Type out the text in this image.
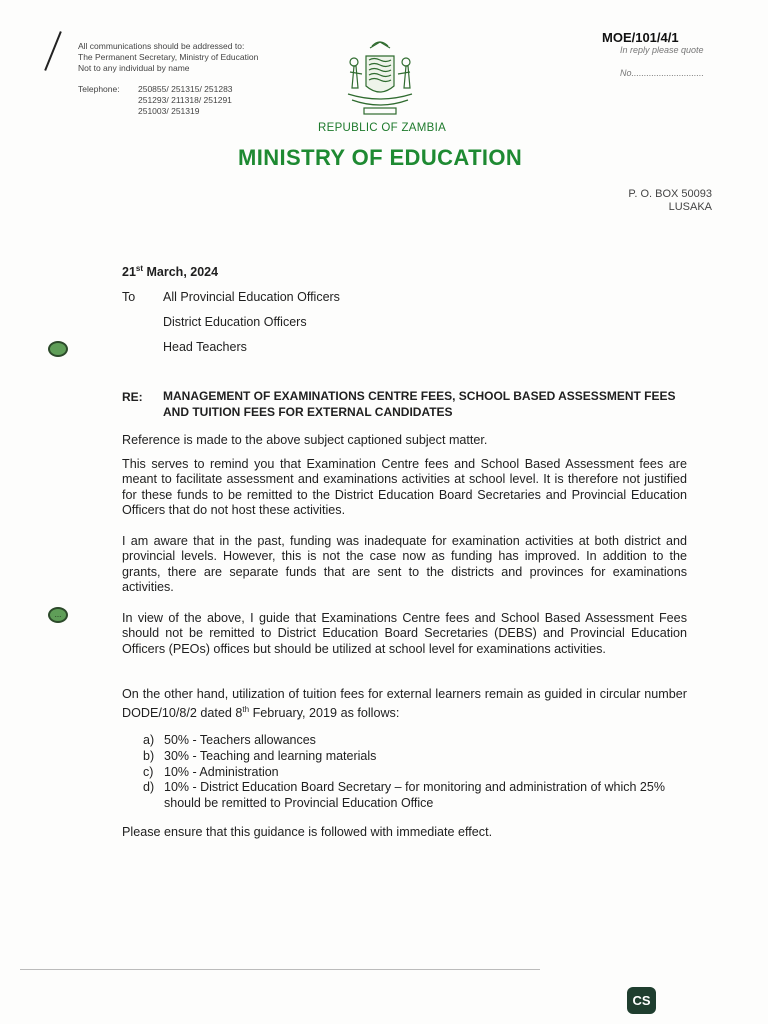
All communications should be addressed to:
The Permanent Secretary, Ministry of Education
Not to any individual by name
Telephone: 250855/ 251315/ 251283
251293/ 211318/ 251291
251003/ 251319
MOE/101/4/1
In reply please quote
No.............................
REPUBLIC OF ZAMBIA
MINISTRY OF EDUCATION
P. O. BOX 50093
LUSAKA
21st March, 2024
To All Provincial Education Officers
District Education Officers
Head Teachers
...
RE: MANAGEMENT OF EXAMINATIONS CENTRE FEES, SCHOOL BASED ASSESSMENT FEES AND TUITION FEES FOR EXTERNAL CANDIDATES
Reference is made to the above subject captioned subject matter.
This serves to remind you that Examination Centre fees and School Based Assessment fees are meant to facilitate assessment and examinations activities at school level. It is therefore not justified for these funds to be remitted to the District Education Board Secretaries and Provincial Education Officers that do not host these activities.
I am aware that in the past, funding was inadequate for examination activities at both district and provincial levels. However, this is not the case now as funding has improved. In addition to the grants, there are separate funds that are sent to the districts and provinces for examinations activities.
In view of the above, I guide that Examinations Centre fees and School Based Assessment Fees should not be remitted to District Education Board Secretaries (DEBS) and Provincial Education Officers (PEOs) offices but should be utilized at school level for examinations activities.
On the other hand, utilization of tuition fees for external learners remain as guided in circular number DODE/10/8/2 dated 8th February, 2019 as follows:
a) 50% - Teachers allowances
b) 30% - Teaching and learning materials
c) 10% - Administration
d) 10% - District Education Board Secretary – for monitoring and administration of which 25% should be remitted to Provincial Education Office
Please ensure that this guidance is followed with immediate effect.
CS
